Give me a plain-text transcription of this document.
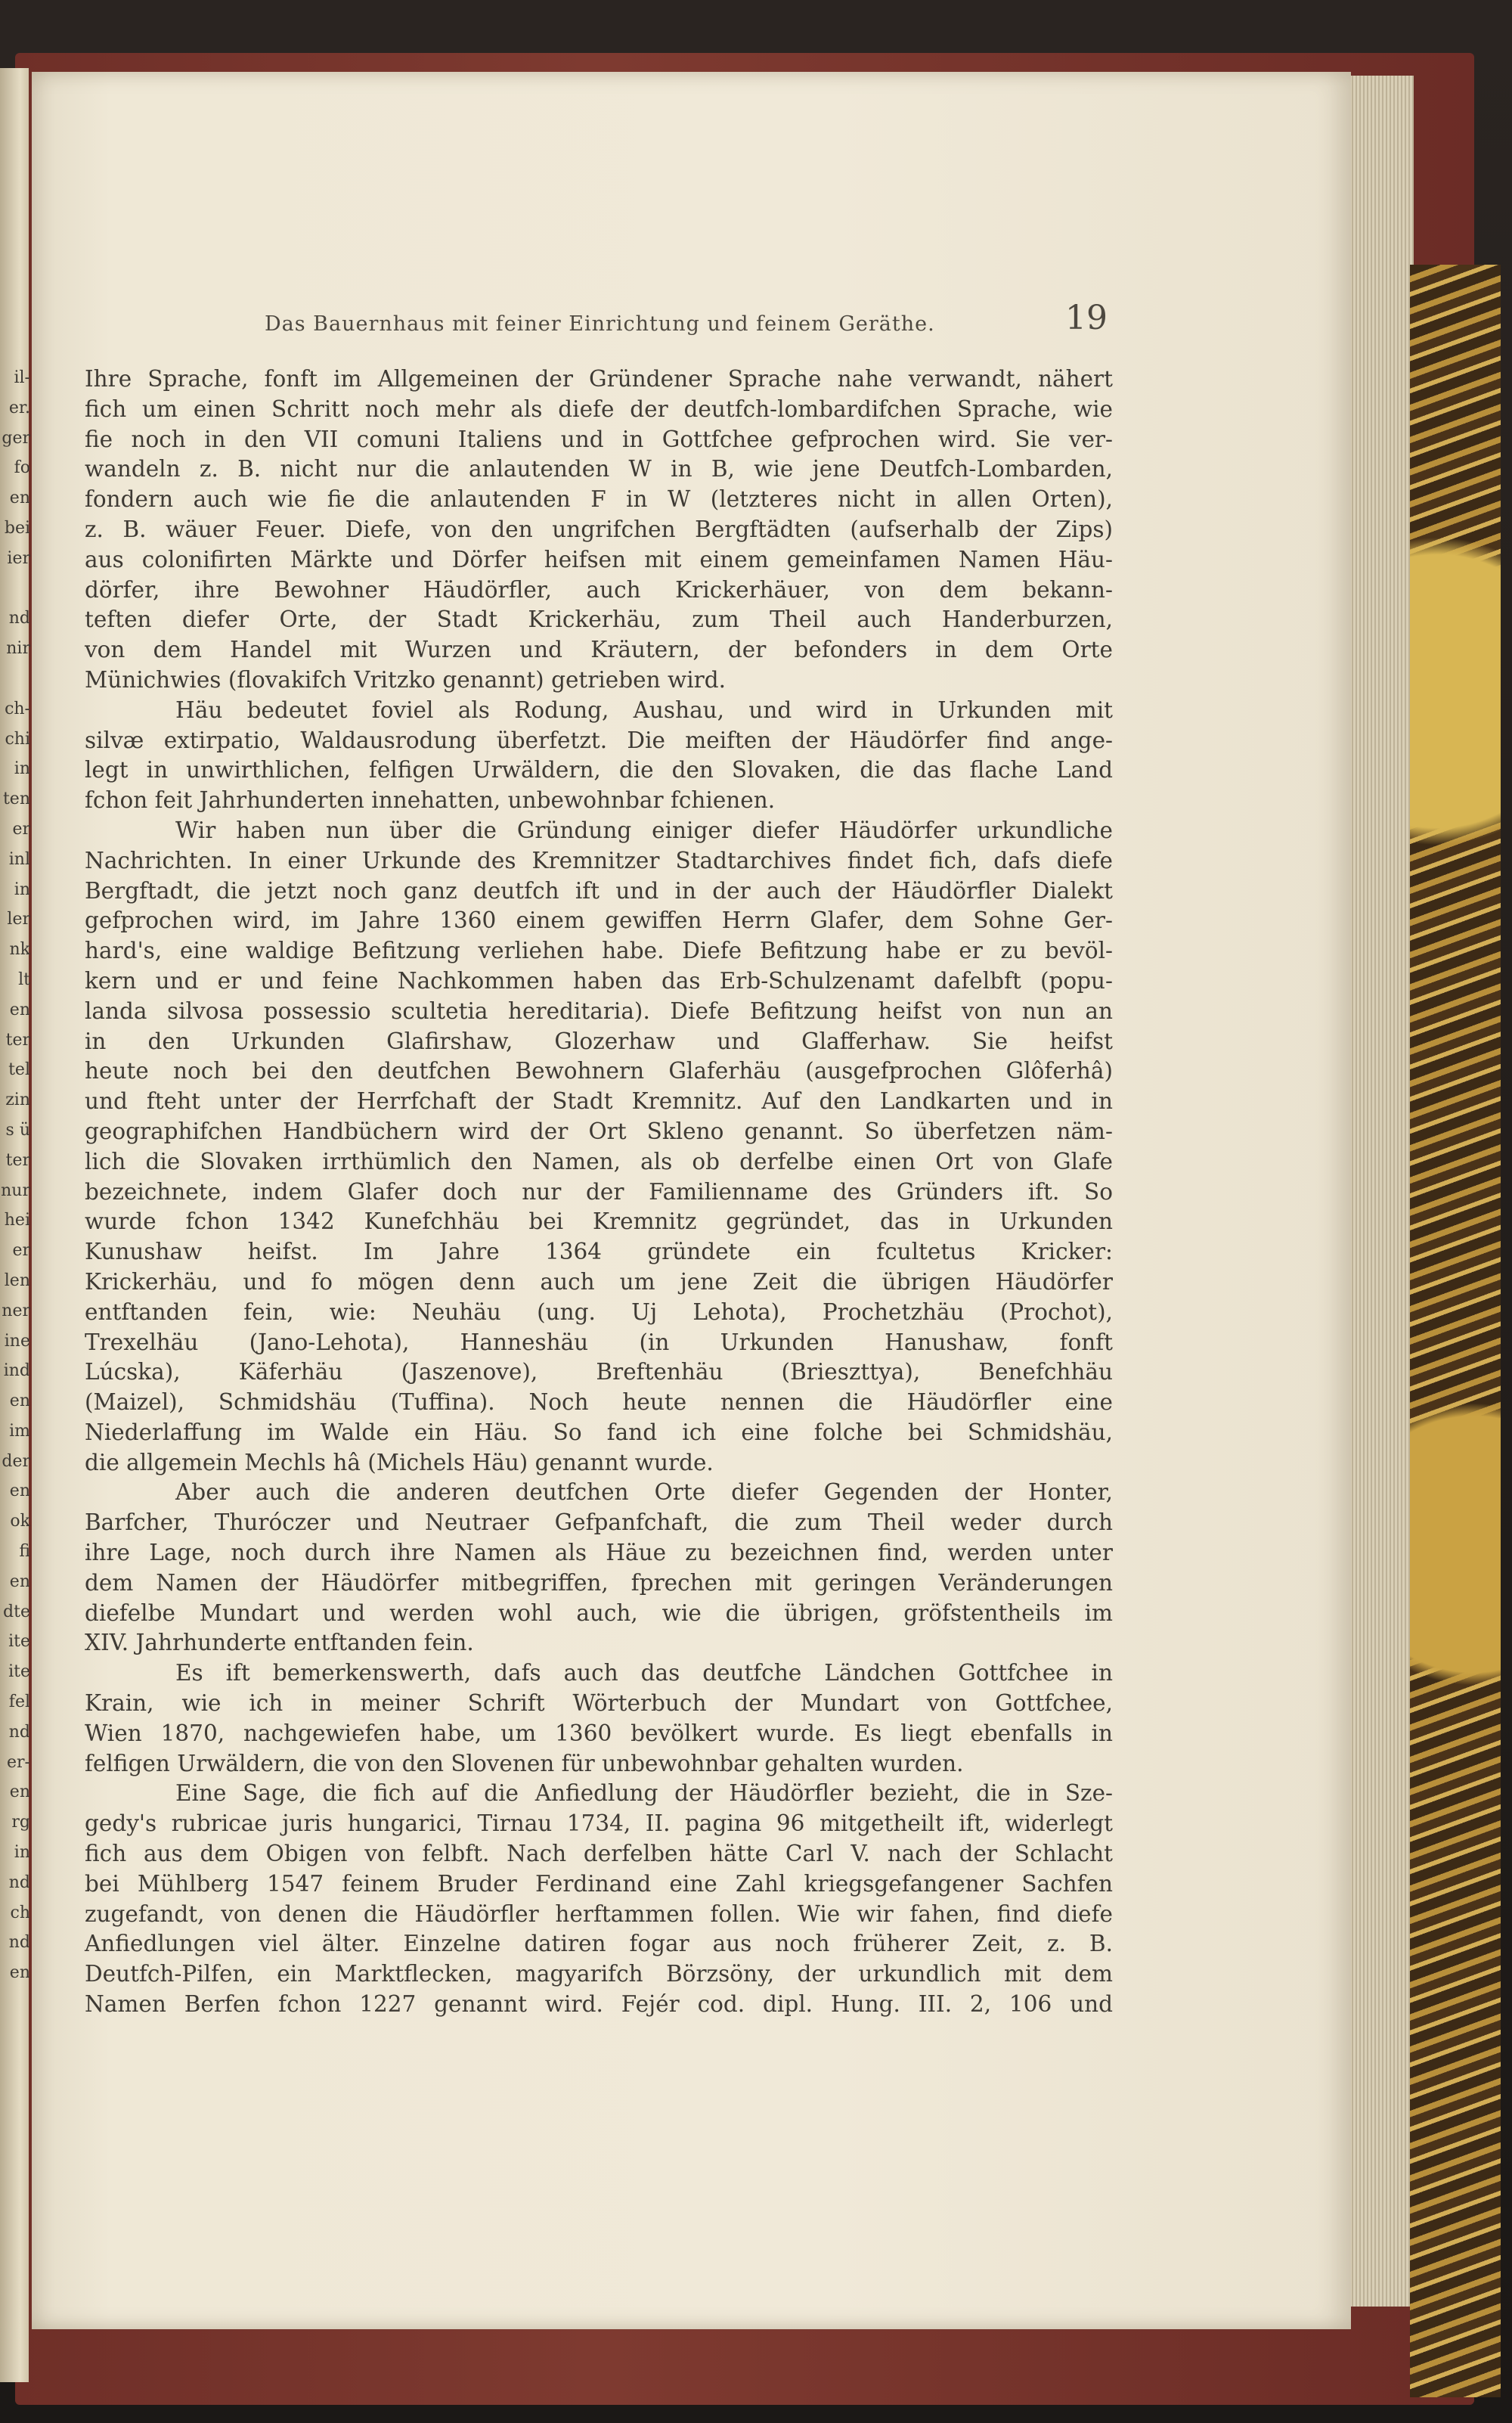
il-
er.
ger
fo
en
bei
ier

nd
nir

ch-
chi
in
ten
er
inl
in
ler
nk
lt
en
ter
tel
zin
s ü
ter
nur
hei
er
len
ner
ine
ind
en
im
der
en
ok
fi
en
dte
ite
ite
fel
nd
er-
en
rg
in
nd
ch
nd
en
Das Bauernhaus mit feiner Einrichtung und feinem Geräthe.	19
Ihre Sprache, fonft im Allgemeinen der Gründener Sprache nahe verwandt, nähert
fich um einen Schritt noch mehr als diefe der deutfch-lombardifchen Sprache, wie
fie noch in den VII comuni Italiens und in Gottfchee gefprochen wird. Sie ver-
wandeln z. B. nicht nur die anlautenden W in B, wie jene Deutfch-Lombarden,
fondern auch wie fie die anlautenden F in W (letzteres nicht in allen Orten),
z. B. wäuer Feuer. Diefe, von den ungrifchen Bergftädten (aufserhalb der Zips)
aus colonifirten Märkte und Dörfer heifsen mit einem gemeinfamen Namen Häu-
dörfer, ihre Bewohner Häudörfler, auch Krickerhäuer, von dem bekann-
teften diefer Orte, der Stadt Krickerhäu, zum Theil auch Handerburzen,
von dem Handel mit Wurzen und Kräutern, der befonders in dem Orte
Münichwies (flovakifch Vritzko genannt) getrieben wird.
Häu bedeutet foviel als Rodung, Aushau, und wird in Urkunden mit
silvæ extirpatio, Waldausrodung überfetzt. Die meiften der Häudörfer find ange-
legt in unwirthlichen, felfigen Urwäldern, die den Slovaken, die das flache Land
fchon feit Jahrhunderten innehatten, unbewohnbar fchienen.
Wir haben nun über die Gründung einiger diefer Häudörfer urkundliche
Nachrichten. In einer Urkunde des Kremnitzer Stadtarchives findet fich, dafs diefe
Bergftadt, die jetzt noch ganz deutfch ift und in der auch der Häudörfler Dialekt
gefprochen wird, im Jahre 1360 einem gewiffen Herrn Glafer, dem Sohne Ger-
hard's, eine waldige Befitzung verliehen habe. Diefe Befitzung habe er zu bevöl-
kern und er und feine Nachkommen haben das Erb-Schulzenamt dafelbft (popu-
landa silvosa possessio scultetia hereditaria). Diefe Befitzung heifst von nun an
in den Urkunden Glafirshaw, Glozerhaw und Glafferhaw. Sie heifst
heute noch bei den deutfchen Bewohnern Glaferhäu (ausgefprochen Glôferhâ)
und fteht unter der Herrfchaft der Stadt Kremnitz. Auf den Landkarten und in
geographifchen Handbüchern wird der Ort Skleno genannt. So überfetzen näm-
lich die Slovaken irrthümlich den Namen, als ob derfelbe einen Ort von Glafe
bezeichnete, indem Glafer doch nur der Familienname des Gründers ift. So
wurde fchon 1342 Kunefchhäu bei Kremnitz gegründet, das in Urkunden
Kunushaw heifst. Im Jahre 1364 gründete ein fcultetus Kricker:
Krickerhäu, und fo mögen denn auch um jene Zeit die übrigen Häudörfer
entftanden fein, wie: Neuhäu (ung. Uj Lehota), Prochetzhäu (Prochot),
Trexelhäu (Jano-Lehota), Hanneshäu (in Urkunden Hanushaw, fonft
Lúcska), Käferhäu (Jaszenove), Breftenhäu (Brieszttya), Benefchhäu
(Maizel), Schmidshäu (Tuffina). Noch heute nennen die Häudörfler eine
Niederlaffung im Walde ein Häu. So fand ich eine folche bei Schmidshäu,
die allgemein Mechls hâ (Michels Häu) genannt wurde.
Aber auch die anderen deutfchen Orte diefer Gegenden der Honter,
Barfcher, Thuróczer und Neutraer Gefpanfchaft, die zum Theil weder durch
ihre Lage, noch durch ihre Namen als Häue zu bezeichnen find, werden unter
dem Namen der Häudörfer mitbegriffen, fprechen mit geringen Veränderungen
diefelbe Mundart und werden wohl auch, wie die übrigen, gröfstentheils im
XIV. Jahrhunderte entftanden fein.
Es ift bemerkenswerth, dafs auch das deutfche Ländchen Gottfchee in
Krain, wie ich in meiner Schrift Wörterbuch der Mundart von Gottfchee,
Wien 1870, nachgewiefen habe, um 1360 bevölkert wurde. Es liegt ebenfalls in
felfigen Urwäldern, die von den Slovenen für unbewohnbar gehalten wurden.
Eine Sage, die fich auf die Anfiedlung der Häudörfler bezieht, die in Sze-
gedy's rubricae juris hungarici, Tirnau 1734, II. pagina 96 mitgetheilt ift, widerlegt
fich aus dem Obigen von felbft. Nach derfelben hätte Carl V. nach der Schlacht
bei Mühlberg 1547 feinem Bruder Ferdinand eine Zahl kriegsgefangener Sachfen
zugefandt, von denen die Häudörfler herftammen follen. Wie wir fahen, find diefe
Anfiedlungen viel älter. Einzelne datiren fogar aus noch früherer Zeit, z. B.
Deutfch-Pilfen, ein Marktflecken, magyarifch Börzsöny, der urkundlich mit dem
Namen Berfen fchon 1227 genannt wird. Fejér cod. dipl. Hung. III. 2, 106 und
